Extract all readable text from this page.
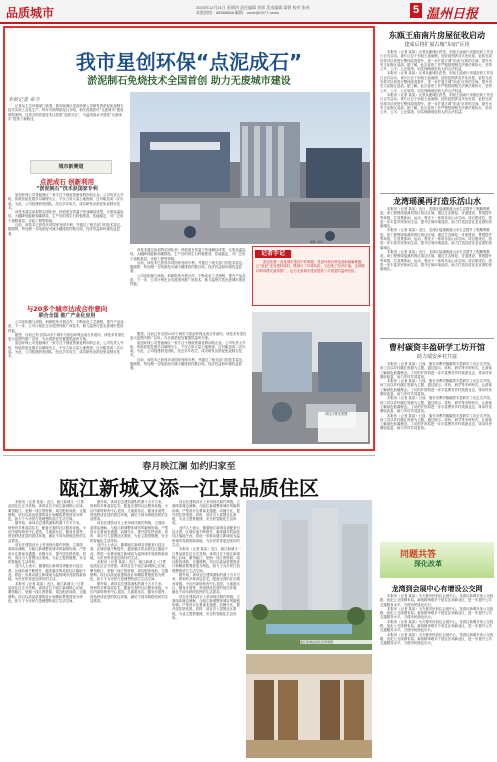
品质城市	2023年12月21日 星期四 责任编辑 刘郭 美术编辑 梁碧 校对 张伟
本版热线：88888888 邮箱：wzrb@0577-news	5 温州日报
我市星创环保“点泥成石”
淤泥制石免烧技术全国首创 助力无废城市建设
本报记者 章寺

记者从生态环境部门获悉，我市瓯海区星创环保公司研发的淤泥免烧制石技术实现工业化生产，每年可消纳淤泥百万吨，相关成果获评“无废城市”建设典型案例，这项全国首创技术让淤泥“变废为宝”，为温州高水平建设“无废城市”提供了新路径。

城市新赛道
摄影 周某
点泥成石 创新利用
“淤泥制石”技术获国家专利

星创环保公司是瓯海区一家专注于固废资源化利用的企业。公司负责人介绍，传统淤泥处置多以填埋为主，不仅占用大量土地资源，还可能造成二次污染。为此，公司组建研发团队，经过多年攻关，成功研发出淤泥免烧制石技术。

该技术通过添加特定固化剂，使淤泥在常温下快速凝结成型，无需高温烧结，大幅降低能耗和碳排放。生产出的再生石料强度高、性能稳定，可广泛用于道路基层、市政工程等领域。

目前，该技术已获得多项国家发明专利，并通过了相关部门的技术鉴定。据测算，每处理一万吨淤泥可减少碳排放约数百吨，经济效益和环境效益显著。

该技术通过添加特定固化剂，使淤泥在常温下快速凝结成型，无需高温烧结，大幅降低能耗和碳排放。生产出的再生石料强度高、性能稳定，可广泛用于道路基层、市政工程等领域。

目前，该技术已获得多项国家发明专利，并通过了相关部门的技术鉴定。据测算，每处理一万吨淤泥可减少碳排放约数百吨，经济效益和环境效益显著。

公司还积极与高校、科研院所开展合作，不断优化工艺流程，提升产品品质。下一步，公司计划在全市范围内推广该技术，助力温州打造无废城市建设样板。

记者手记

淤泥处置一直是城市建设中的难题，星创环保以科技创新破解难题，让“废泥”变身建材原料，既减少了环境负担，又创造了经济价值。这种循环利用模式值得推广，也为无废城市建设提供了可借鉴的温州经验。

与20多个城市达成合作意向
联合全国 推广产业化应用

公司还积极与高校、科研院所开展合作，不断优化工艺流程，提升产品品质。下一步，公司计划在全市范围内推广该技术，助力温州打造无废城市建设样板。

据悉，目前已有全国20多个城市与星创环保达成合作意向，该技术有望在更大范围内推广应用，为全国淤泥处置提供温州方案。

星创环保公司是瓯海区一家专注于固废资源化利用的企业。公司负责人介绍，传统淤泥处置多以填埋为主，不仅占用大量土地资源，还可能造成二次污染。为此，公司组建研发团队，经过多年攻关，成功研发出淤泥免烧制石技术。

据悉，目前已有全国20多个城市与星创环保达成合作意向，该技术有望在更大范围内推广应用，为全国淤泥处置提供温州方案。

星创环保公司是瓯海区一家专注于固废资源化利用的企业。公司负责人介绍，传统淤泥处置多以填埋为主，不仅占用大量土地资源，还可能造成二次污染。为此，公司组建研发团队，经过多年攻关，成功研发出淤泥免烧制石技术。

目前，该技术已获得多项国家发明专利，并通过了相关部门的技术鉴定。据测算，每处理一万吨淤泥可减少碳排放约数百吨，经济效益和环境效益显著。

项目江景实景图

东瓯王庙南片房屋征收启动
建成后将扩展古城“东庙”区块

本报讯（记者 某某）记者从鹿城区获悉，东瓯王庙南片房屋征收工作近日正式启动。该片区位于东瓯王庙南侧，征收范围涉及多处房屋，征收完成后将对区块进行整体改造提升，进一步扩展古城“东庙”区块的空间，提升历史文化街区品质。据了解，此次征收工作严格按照相关法律法规执行，坚持公开、公平、公正原则，切实保障被征收人的合法权益。

本报讯（记者 某某）记者从鹿城区获悉，东瓯王庙南片房屋征收工作近日正式启动。该片区位于东瓯王庙南侧，征收范围涉及多处房屋，征收完成后将对区块进行整体改造提升，进一步扩展古城“东庙”区块的空间，提升历史文化街区品质。据了解，此次征收工作严格按照相关法律法规执行，坚持公开、公平、公正原则，切实保障被征收人的合法权益。

本报讯（记者 某某）记者从鹿城区获悉，东瓯王庙南片房屋征收工作近日正式启动。该片区位于东瓯王庙南侧，征收范围涉及多处房屋，征收完成后将对区块进行整体改造提升，进一步扩展古城“东庙”区块的空间，提升历史文化街区品质。据了解，此次征收工作严格按照相关法律法规执行，坚持公开、公平、公正原则，切实保障被征收人的合法权益。

龙湾瑶溪再打造乐活山水

本报讯（记者 某某）近日，龙湾区瑶溪街道山水生态提升工程顺利推进。该工程围绕瑶溪风景区周边区域，通过生态修复、步道建设、景观提升等举措，打造集休闲、运动、观光于一体的乐活山水空间。项目建成后，将进一步丰富市民休闲生活，提升区域环境品质，助力打造宜居宜业宜游的美丽城区。

本报讯（记者 某某）近日，龙湾区瑶溪街道山水生态提升工程顺利推进。该工程围绕瑶溪风景区周边区域，通过生态修复、步道建设、景观提升等举措，打造集休闲、运动、观光于一体的乐活山水空间。项目建成后，将进一步丰富市民休闲生活，提升区域环境品质，助力打造宜居宜业宜游的美丽城区。

本报讯（记者 某某）近日，龙湾区瑶溪街道山水生态提升工程顺利推进。该工程围绕瑶溪风景区周边区域，通过生态修复、步道建设、景观提升等举措，打造集休闲、运动、观光于一体的乐活山水空间。项目建成后，将进一步丰富市民休闲生活，提升区域环境品质，助力打造宜居宜业宜游的美丽城区。

曹村碳资丰盈研学工坊开馆
助力瑞安乡村共富

本报讯（记者 某某）日前，瑞安市曹村镇碳资丰盈研学工坊正式开馆。该工坊以乡村碳汇资源为主题，通过展示、体验、研学等多种形式，让游客了解绿色低碳理念。工坊的开馆将进一步丰富曹村乡村旅游业态，带动村民增收致富，助力乡村共同富裕。

本报讯（记者 某某）日前，瑞安市曹村镇碳资丰盈研学工坊正式开馆。该工坊以乡村碳汇资源为主题，通过展示、体验、研学等多种形式，让游客了解绿色低碳理念。工坊的开馆将进一步丰富曹村乡村旅游业态，带动村民增收致富，助力乡村共同富裕。

本报讯（记者 某某）日前，瑞安市曹村镇碳资丰盈研学工坊正式开馆。该工坊以乡村碳汇资源为主题，通过展示、体验、研学等多种形式，让游客了解绿色低碳理念。工坊的开馆将进一步丰富曹村乡村旅游业态，带动村民增收致富，助力乡村共同富裕。

本报讯（记者 某某）日前，瑞安市曹村镇碳资丰盈研学工坊正式开馆。该工坊以乡村碳汇资源为主题，通过展示、体验、研学等多种形式，让游客了解绿色低碳理念。工坊的开馆将进一步丰富曹村乡村旅游业态，带动村民增收致富，助力乡村共同富裕。

同题共答
深化改革
龙湾到会展中心有增设公交网

本报讯（记者 某某）为方便市民前往会展中心，龙湾区新增多条公交线路，优化公交线网布局。新线路串联多个居住区和商业区，进一步提升公共交通服务水平，方便市民绿色出行。

本报讯（记者 某某）为方便市民前往会展中心，龙湾区新增多条公交线路，优化公交线网布局。新线路串联多个居住区和商业区，进一步提升公共交通服务水平，方便市民绿色出行。

本报讯（记者 某某）为方便市民前往会展中心，龙湾区新增多条公交线路，优化公交线网布局。新线路串联多个居住区和商业区，进一步提升公共交通服务水平，方便市民绿色出行。

本报讯（记者 某某）为方便市民前往会展中心，龙湾区新增多条公交线路，优化公交线网布局。新线路串联多个居住区和商业区，进一步提升公共交通服务水平，方便市民绿色出行。

春月映江澜 如约归家至
瓯江新城又添一江景品质住区

本报讯（记者 某某）近日，瓯江新城又一江景品质住区正式亮相。该项目位于瓯江新城核心区域，紧邻瓯江，坐拥一线江景资源，周边配套成熟，交通便利。项目以高品质建筑设计和精致景观营造为特色，致力于为市民打造理想的滨江生活空间。

据介绍，该项目总建筑面积约数十万平方米，规划有多栋高层住宅，配备完善的社区服务设施。小区内部规划有中心花园、儿童游乐区、健身步道等，营造舒适宜居的居住环境，满足不同年龄段居民的生活需求。

项目在建筑设计上采用现代简约风格，立面线条简洁流畅，与瓯江新城整体城市风貌相协调。户型设计注重南北通透、动静分区，提升居住舒适度。同时，项目引入智慧社区系统，为业主提供便捷、安全的智能化生活体验。

业内人士表示，随着瓯江新城各项配套日趋完善，区域价值不断提升，越来越多的品质住区落地于此，将进一步推动瓯江新城成为温州城市发展的新高地，为市民带来更加美好的生活。

本报讯（记者 某某）近日，瓯江新城又一江景品质住区正式亮相。该项目位于瓯江新城核心区域，紧邻瓯江，坐拥一线江景资源，周边配套成熟，交通便利。项目以高品质建筑设计和精致景观营造为特色，致力于为市民打造理想的滨江生活空间。

据介绍，该项目总建筑面积约数十万平方米，规划有多栋高层住宅，配备完善的社区服务设施。小区内部规划有中心花园、儿童游乐区、健身步道等，营造舒适宜居的居住环境，满足不同年龄段居民的生活需求。

项目在建筑设计上采用现代简约风格，立面线条简洁流畅，与瓯江新城整体城市风貌相协调。户型设计注重南北通透、动静分区，提升居住舒适度。同时，项目引入智慧社区系统，为业主提供便捷、安全的智能化生活体验。

业内人士表示，随着瓯江新城各项配套日趋完善，区域价值不断提升，越来越多的品质住区落地于此，将进一步推动瓯江新城成为温州城市发展的新高地，为市民带来更加美好的生活。

本报讯（记者 某某）近日，瓯江新城又一江景品质住区正式亮相。该项目位于瓯江新城核心区域，紧邻瓯江，坐拥一线江景资源，周边配套成熟，交通便利。项目以高品质建筑设计和精致景观营造为特色，致力于为市民打造理想的滨江生活空间。

据介绍，该项目总建筑面积约数十万平方米，规划有多栋高层住宅，配备完善的社区服务设施。小区内部规划有中心花园、儿童游乐区、健身步道等，营造舒适宜居的居住环境，满足不同年龄段居民的生活需求。

项目在建筑设计上采用现代简约风格，立面线条简洁流畅，与瓯江新城整体城市风貌相协调。户型设计注重南北通透、动静分区，提升居住舒适度。同时，项目引入智慧社区系统，为业主提供便捷、安全的智能化生活体验。

业内人士表示，随着瓯江新城各项配套日趋完善，区域价值不断提升，越来越多的品质住区落地于此，将进一步推动瓯江新城成为温州城市发展的新高地，为市民带来更加美好的生活。

本报讯（记者 某某）近日，瓯江新城又一江景品质住区正式亮相。该项目位于瓯江新城核心区域，紧邻瓯江，坐拥一线江景资源，周边配套成熟，交通便利。项目以高品质建筑设计和精致景观营造为特色，致力于为市民打造理想的滨江生活空间。

据介绍，该项目总建筑面积约数十万平方米，规划有多栋高层住宅，配备完善的社区服务设施。小区内部规划有中心花园、儿童游乐区、健身步道等，营造舒适宜居的居住环境，满足不同年龄段居民的生活需求。

项目在建筑设计上采用现代简约风格，立面线条简洁流畅，与瓯江新城整体城市风貌相协调。户型设计注重南北通透、动静分区，提升居住舒适度。同时，项目引入智慧社区系统，为业主提供便捷、安全的智能化生活体验。

瓯江新城品质住区效果图
